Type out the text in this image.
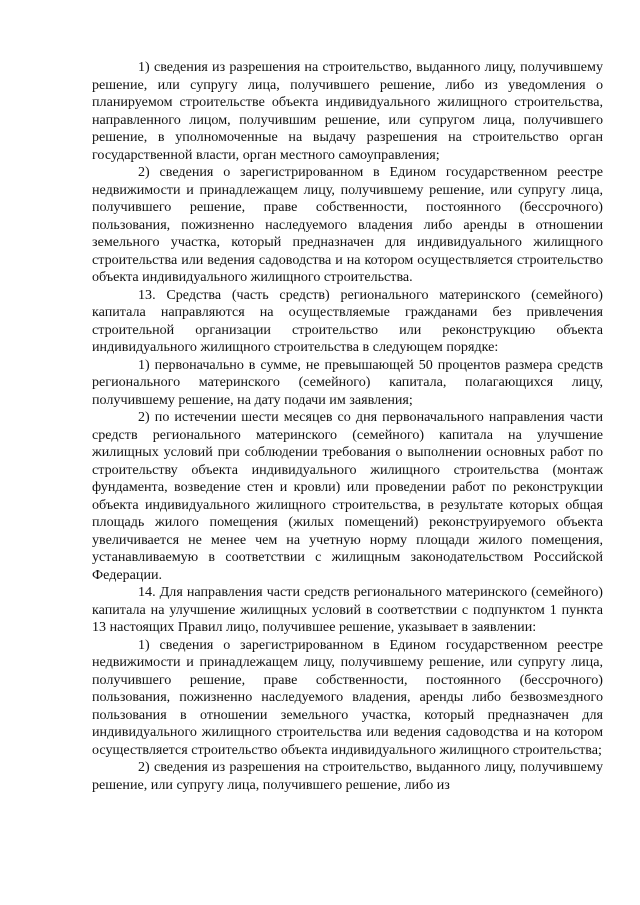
1) сведения из разрешения на строительство, выданного лицу, получившему решение, или супругу лица, получившего решение, либо из уведомления о планируемом строительстве объекта индивидуального жилищного строительства, направленного лицом, получившим решение, или супругом лица, получившего решение, в уполномоченные на выдачу разрешения на строительство орган государственной власти, орган местного самоуправления;

2) сведения о зарегистрированном в Едином государственном реестре недвижимости и принадлежащем лицу, получившему решение, или супругу лица, получившего решение, праве собственности, постоянного (бессрочного) пользования, пожизненно наследуемого владения либо аренды в отношении земельного участка, который предназначен для индивидуального жилищного строительства или ведения садоводства и на котором осуществляется строительство объекта индивидуального жилищного строительства.

13. Средства (часть средств) регионального материнского (семейного) капитала направляются на осуществляемые гражданами без привлечения строительной организации строительство или реконструкцию объекта индивидуального жилищного строительства в следующем порядке:

1) первоначально в сумме, не превышающей 50 процентов размера средств регионального материнского (семейного) капитала, полагающихся лицу, получившему решение, на дату подачи им заявления;

2) по истечении шести месяцев со дня первоначального направления части средств регионального материнского (семейного) капитала на улучшение жилищных условий при соблюдении требования о выполнении основных работ по строительству объекта индивидуального жилищного строительства (монтаж фундамента, возведение стен и кровли) или проведении работ по реконструкции объекта индивидуального жилищного строительства, в результате которых общая площадь жилого помещения (жилых помещений) реконструируемого объекта увеличивается не менее чем на учетную норму площади жилого помещения, устанавливаемую в соответствии с жилищным законодательством Российской Федерации.

14. Для направления части средств регионального материнского (семейного) капитала на улучшение жилищных условий в соответствии с подпунктом 1 пункта 13 настоящих Правил лицо, получившее решение, указывает в заявлении:

1) сведения о зарегистрированном в Едином государственном реестре недвижимости и принадлежащем лицу, получившему решение, или супругу лица, получившего решение, праве собственности, постоянного (бессрочного) пользования, пожизненно наследуемого владения, аренды либо безвозмездного пользования в отношении земельного участка, который предназначен для индивидуального жилищного строительства или ведения садоводства и на котором осуществляется строительство объекта индивидуального жилищного строительства;

2) сведения из разрешения на строительство, выданного лицу, получившему решение, или супругу лица, получившего решение, либо из
